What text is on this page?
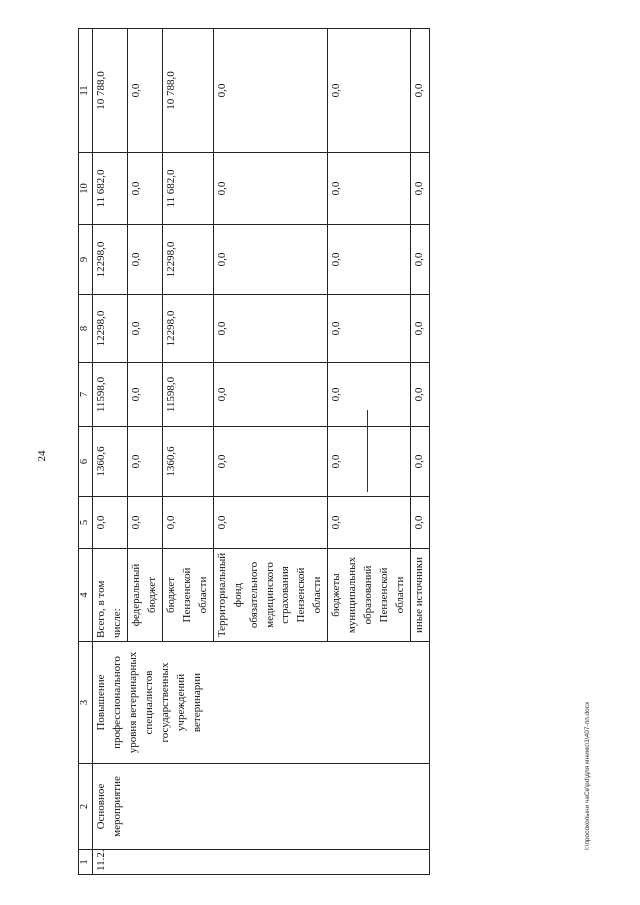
24
1	2	3	4	5	6	7	8	9	10	11
11.2.	Основное мероприятие	Повышение профессионального уровня ветеринарных специалистов государственных учреждений ветеринарии	Всего, в том числе:	0,0	1360,6	11598,0	12298,0	12298,0	11 682,0	10 788,0
			федеральный бюджет	0,0	0,0	0,0	0,0	0,0	0,0	0,0
			бюджет Пензенской области	0,0	1360,6	11598,0	12298,0	12298,0	11 682,0	10 788,0
			Территориальный фонд обязательного медицинского страхования Пензенской области	0,0	0,0	0,0	0,0	0,0	0,0	0,0
			бюджеты муниципальных образований Пензенской области	0,0	0,0	0,0	0,0	0,0	0,0	0,0
			иные источники	0,0	0,0	0,0	0,0	0,0	0,0	0,0
I:\просоколыни чаСе\pd\для мнимс\1\407-пп.docx
